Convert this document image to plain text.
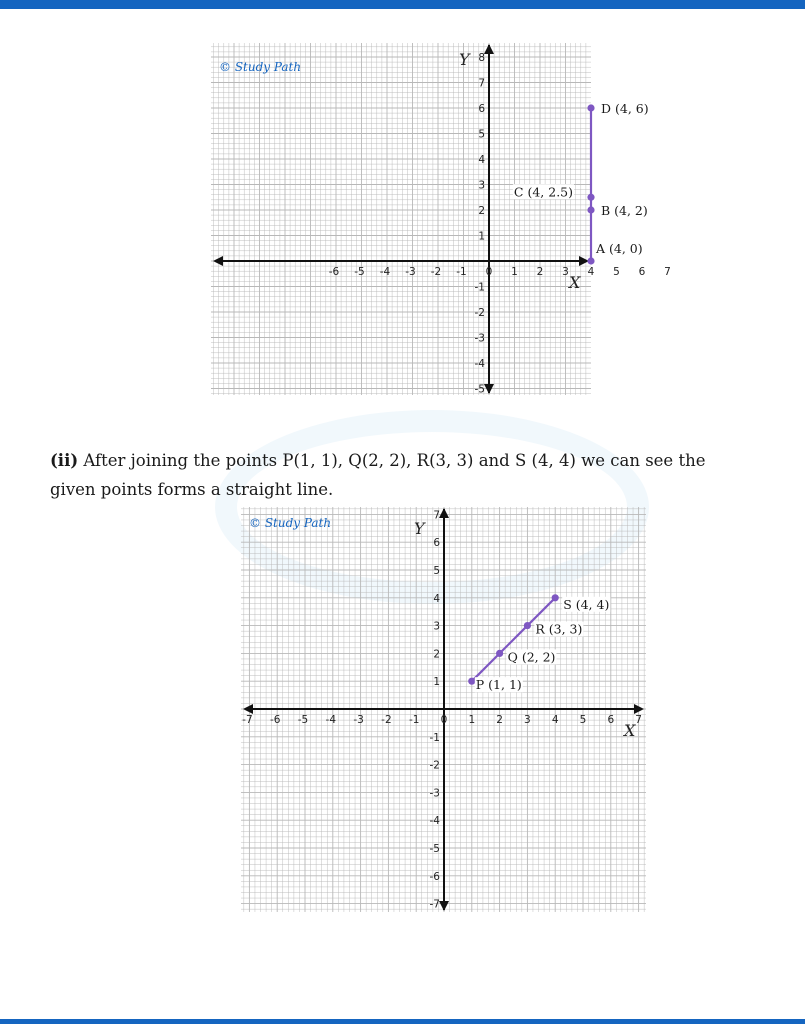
-6 -5 -4 -3 -2 -1 0 1 2 3 4 5 6 7
-5
-4
-3
-2
-1
1
2
3
4
5
6
7
8
X
Y
© Study Path
A (4, 0)
B (4, 2)
C (4, 2.5)
D (4, 6)
(ii) After joining the points P(1, 1), Q(2, 2), R(3, 3) and S (4, 4) we can see the given points forms a straight line.
-7 -6 -5 -4 -3 -2 -1 0 1 2 3 4 5 6 7
-7
-6
-5
-4
-3
-2
-1
1
2
3
4
5
6
7
X
Y
© Study Path
P (1, 1)
Q (2, 2)
R (3, 3)
S (4, 4)
